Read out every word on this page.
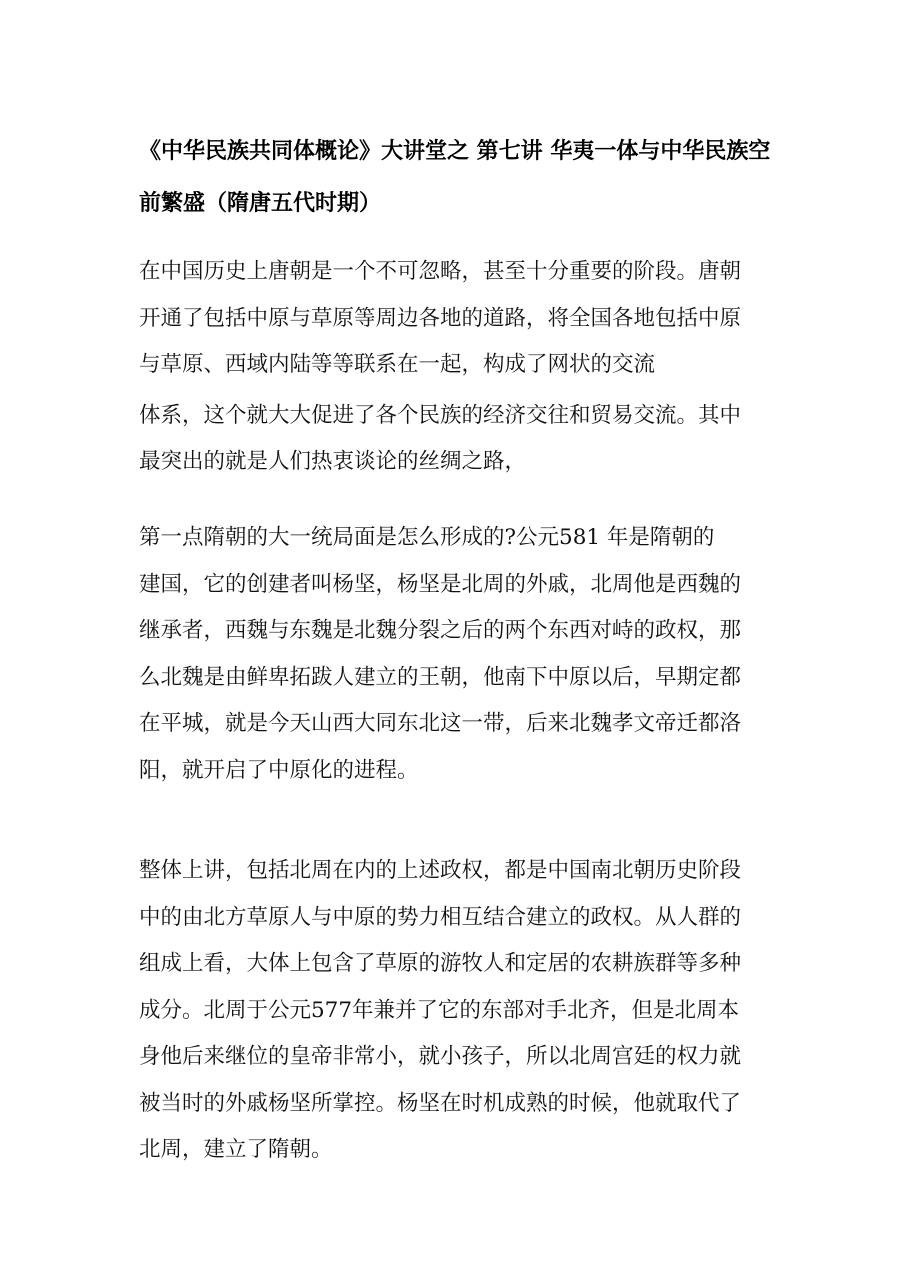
《中华民族共同体概论》大讲堂之 第七讲 华夷一体与中华民族空前繁盛（隋唐五代时期）
在中国历史上唐朝是一个不可忽略，甚至十分重要的阶段。唐朝
开通了包括中原与草原等周边各地的道路，将全国各地包括中原
与草原、西域内陆等等联系在一起，构成了网状的交流
体系，这个就大大促进了各个民族的经济交往和贸易交流。其中
最突出的就是人们热衷谈论的丝绸之路，
第一点隋朝的大一统局面是怎么形成的?公元581 年是隋朝的
建国，它的创建者叫杨坚，杨坚是北周的外戚，北周他是西魏的
继承者，西魏与东魏是北魏分裂之后的两个东西对峙的政权，那
么北魏是由鲜卑拓跋人建立的王朝，他南下中原以后，早期定都
在平城，就是今天山西大同东北这一带，后来北魏孝文帝迁都洛
阳，就开启了中原化的进程。
整体上讲，包括北周在内的上述政权，都是中国南北朝历史阶段
中的由北方草原人与中原的势力相互结合建立的政权。从人群的
组成上看，大体上包含了草原的游牧人和定居的农耕族群等多种
成分。北周于公元577年兼并了它的东部对手北齐，但是北周本
身他后来继位的皇帝非常小，就小孩子，所以北周宫廷的权力就
被当时的外戚杨坚所掌控。杨坚在时机成熟的时候，他就取代了
北周，建立了隋朝。
